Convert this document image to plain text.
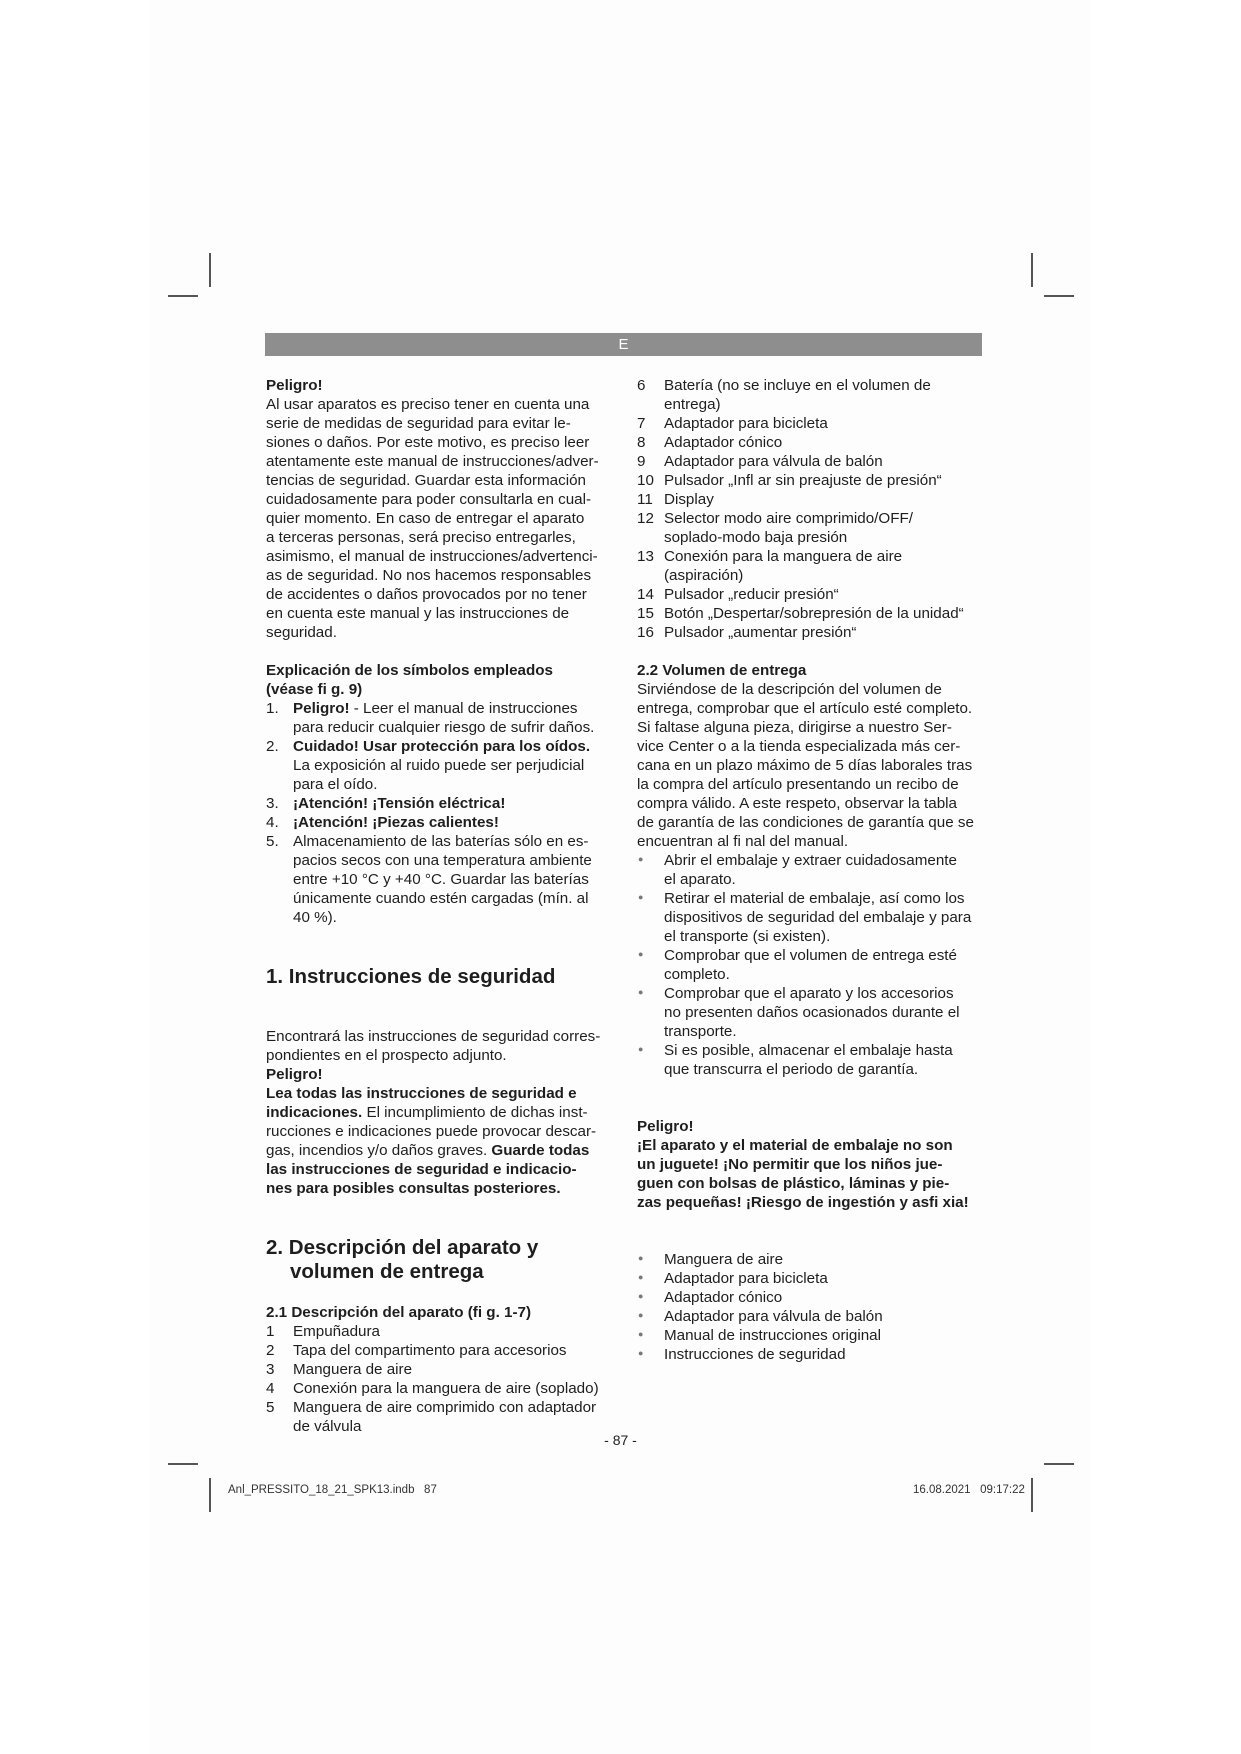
E

Peligro!

Al usar aparatos es preciso tener en cuenta una

serie de medidas de seguridad para evitar le-

siones o daños. Por este motivo, es preciso leer

atentamente este manual de instrucciones/adver-

tencias de seguridad. Guardar esta información

cuidadosamente para poder consultarla en cual-

quier momento. En caso de entregar el aparato

a terceras personas, será preciso entregarles,

asimismo, el manual de instrucciones/advertenci-

as de seguridad. No nos hacemos responsables

de accidentes o daños provocados por no tener

en cuenta este manual y las instrucciones de

seguridad.

Explicación de los símbolos empleados

(véase fi g. 9)

1. Peligro! - Leer el manual de instrucciones
para reducir cualquier riesgo de sufrir daños.
2. Cuidado! Usar protección para los oídos.
La exposición al ruido puede ser perjudicial
para el oído.
3. ¡Atención! ¡Tensión eléctrica!
4. ¡Atención! ¡Piezas calientes!
5. Almacenamiento de las baterías sólo en es-
pacios secos con una temperatura ambiente
entre +10 °C y +40 °C. Guardar las baterías
únicamente cuando estén cargadas (mín. al
40 %).

1. Instrucciones de seguridad

Encontrará las instrucciones de seguridad corres-

pondientes en el prospecto adjunto.

Peligro!

Lea todas las instrucciones de seguridad e

indicaciones. El incumplimiento de dichas inst-

rucciones e indicaciones puede provocar descar-

gas, incendios y/o daños graves. Guarde todas

las instrucciones de seguridad e indicacio-

nes para posibles consultas posteriores.

2. Descripción del aparato y

volumen de entrega

2.1 Descripción del aparato (fi g. 1-7)

1 Empuñadura
2 Tapa del compartimento para accesorios
3 Manguera de aire
4 Conexión para la manguera de aire (soplado)
5 Manguera de aire comprimido con adaptador
de válvula
6 Batería (no se incluye en el volumen de
entrega)
7 Adaptador para bicicleta
8 Adaptador cónico
9 Adaptador para válvula de balón
10 Pulsador „Infl ar sin preajuste de presión“
11 Display
12 Selector modo aire comprimido/OFF/
soplado-modo baja presión
13 Conexión para la manguera de aire
(aspiración)
14 Pulsador „reducir presión“
15 Botón „Despertar/sobrepresión de la unidad“
16 Pulsador „aumentar presión“

2.2 Volumen de entrega

Sirviéndose de la descripción del volumen de

entrega, comprobar que el artículo esté completo.

Si faltase alguna pieza, dirigirse a nuestro Ser-

vice Center o a la tienda especializada más cer-

cana en un plazo máximo de 5 días laborales tras

la compra del artículo presentando un recibo de

compra válido. A este respeto, observar la tabla

de garantía de las condiciones de garantía que se

encuentran al fi nal del manual.

● Abrir el embalaje y extraer cuidadosamente
el aparato.
● Retirar el material de embalaje, así como los
dispositivos de seguridad del embalaje y para
el transporte (si existen).
● Comprobar que el volumen de entrega esté
completo.
● Comprobar que el aparato y los accesorios
no presenten daños ocasionados durante el
transporte.
● Si es posible, almacenar el embalaje hasta
que transcurra el periodo de garantía.

Peligro!

¡El aparato y el material de embalaje no son

un juguete! ¡No permitir que los niños jue-

guen con bolsas de plástico, láminas y pie-

zas pequeñas! ¡Riesgo de ingestión y asfi xia!

● Manguera de aire
● Adaptador para bicicleta
● Adaptador cónico
● Adaptador para válvula de balón
● Manual de instrucciones original
● Instrucciones de seguridad
- 87 -
Anl_PRESSITO_18_21_SPK13.indb   87	16.08.2021   09:17:22
